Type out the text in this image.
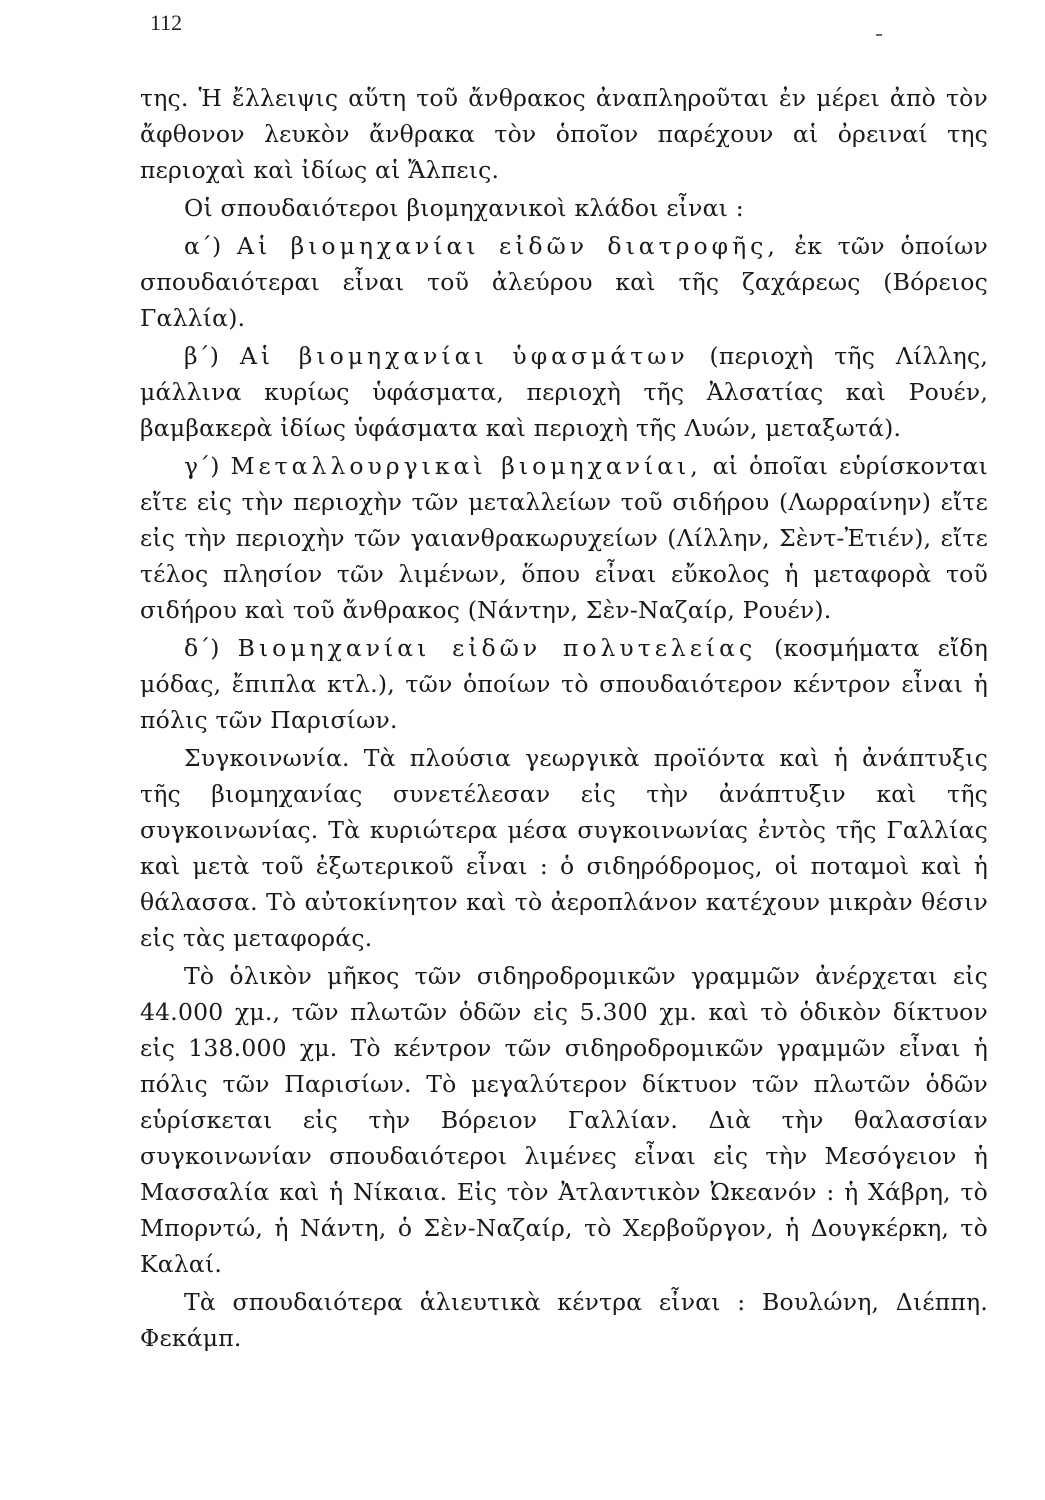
112

της. Ἡ ἔλλειψις αὕτη τοῦ ἄνθρακος ἀναπληροῦται ἐν μέρει ἀπὸ τὸν ἄφθονον λευκὸν ἄνθρακα τὸν ὁποῖον παρέχουν αἱ ὀρειναί της περιοχαὶ καὶ ἰδίως αἱ Ἄλπεις.

Οἱ σπουδαιότεροι βιομηχανικοὶ κλάδοι εἶναι :

α΄) Αἱ βιομηχανίαι εἰδῶν διατροφῆς, ἐκ τῶν ὁποίων σπουδαιότεραι εἶναι τοῦ ἀλεύρου καὶ τῆς ζαχάρεως (Βόρειος Γαλλία).

β΄) Αἱ βιομηχανίαι ὑφασμάτων (περιοχὴ τῆς Λίλλης, μάλλινα κυρίως ὑφάσματα, περιοχὴ τῆς Ἀλσατίας καὶ Ρουέν, βαμβακερὰ ἰδίως ὑφάσματα καὶ περιοχὴ τῆς Λυών, μεταξωτά).

γ΄) Μεταλλουργικαὶ βιομηχανίαι, αἱ ὁποῖαι εὑρίσκονται εἴτε εἰς τὴν περιοχὴν τῶν μεταλλείων τοῦ σιδήρου (Λωρραίνην) εἴτε εἰς τὴν περιοχὴν τῶν γαιανθρακωρυχείων (Λίλλην, Σὲντ-Ἐτιέν), εἴτε τέλος πλησίον τῶν λιμένων, ὅπου εἶναι εὔκολος ἡ μεταφορὰ τοῦ σιδήρου καὶ τοῦ ἄνθρακος (Νάντην, Σὲν-Ναζαίρ, Ρουέν).

δ΄) Βιομηχανίαι εἰδῶν πολυτελείας (κοσμήματα εἴδη μόδας, ἔπιπλα κτλ.), τῶν ὁποίων τὸ σπουδαιότερον κέντρον εἶναι ἡ πόλις τῶν Παρισίων.

Συγκοινωνία. Τὰ πλούσια γεωργικὰ προϊόντα καὶ ἡ ἀνάπτυξις τῆς βιομηχανίας συνετέλεσαν εἰς τὴν ἀνάπτυξιν καὶ τῆς συγκοινωνίας. Τὰ κυριώτερα μέσα συγκοινωνίας ἐντὸς τῆς Γαλλίας καὶ μετὰ τοῦ ἐξωτερικοῦ εἶναι : ὁ σιδηρόδρομος, οἱ ποταμοὶ καὶ ἡ θάλασσα. Τὸ αὐτοκίνητον καὶ τὸ ἀεροπλάνον κατέχουν μικρὰν θέσιν εἰς τὰς μεταφοράς.

Τὸ ὁλικὸν μῆκος τῶν σιδηροδρομικῶν γραμμῶν ἀνέρχεται εἰς 44.000 χμ., τῶν πλωτῶν ὁδῶν εἰς 5.300 χμ. καὶ τὸ ὁδικὸν δίκτυον εἰς 138.000 χμ. Τὸ κέντρον τῶν σιδηροδρομικῶν γραμμῶν εἶναι ἡ πόλις τῶν Παρισίων. Τὸ μεγαλύτερον δίκτυον τῶν πλωτῶν ὁδῶν εὑρίσκεται εἰς τὴν Βόρειον Γαλλίαν. Διὰ τὴν θαλασσίαν συγκοινωνίαν σπουδαιότεροι λιμένες εἶναι εἰς τὴν Μεσόγειον ἡ Μασσαλία καὶ ἡ Νίκαια. Εἰς τὸν Ἀτλαντικὸν Ὠκεανόν : ἡ Χάβρη, τὸ Μπορντώ, ἡ Νάντη, ὁ Σὲν-Ναζαίρ, τὸ Χερβοῦργον, ἡ Δουγκέρκη, τὸ Καλαί.

Τὰ σπουδαιότερα ἁλιευτικὰ κέντρα εἶναι : Βουλώνη, Διέππη. Φεκάμπ.
